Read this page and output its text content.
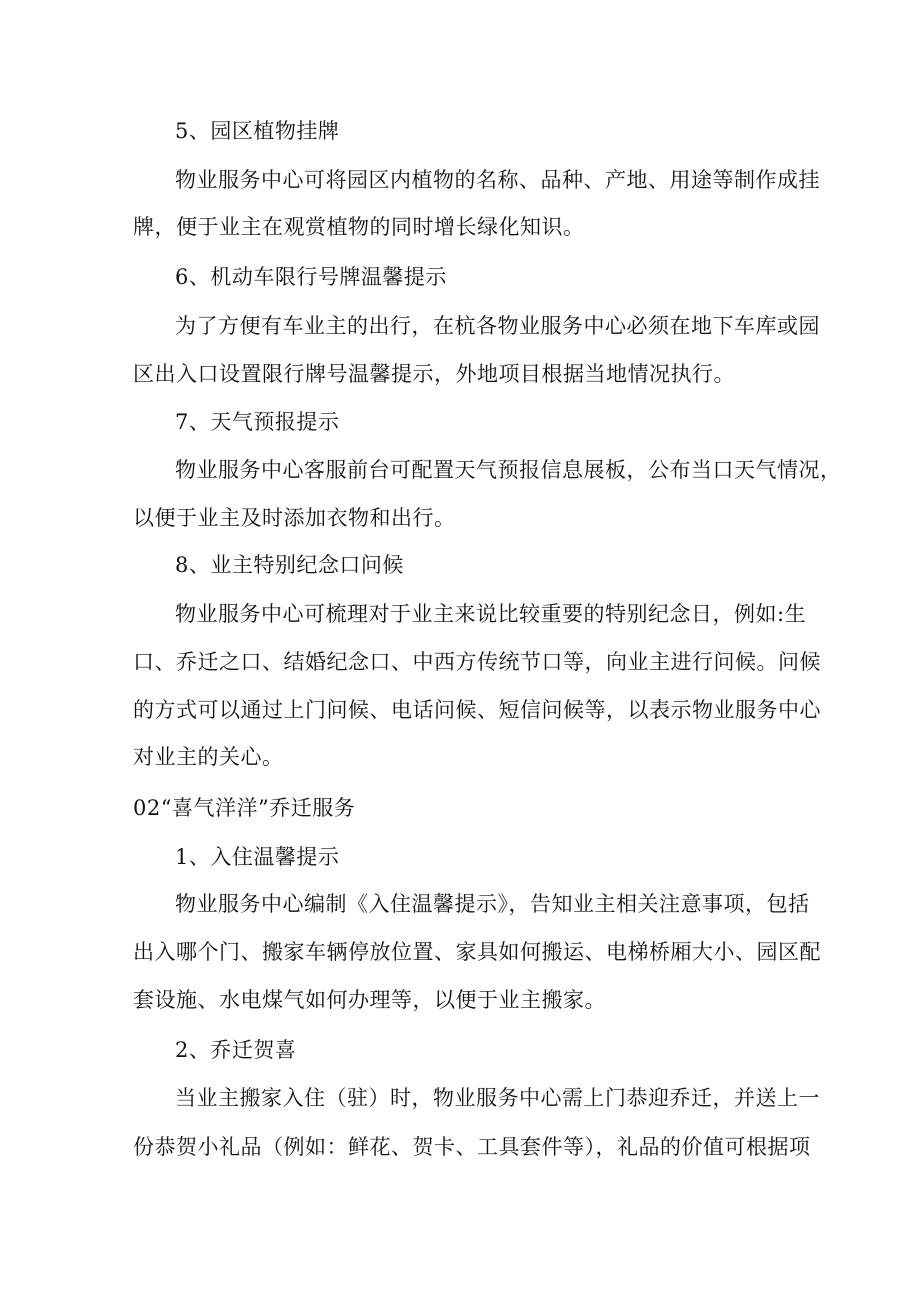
5、园区植物挂牌
物业服务中心可将园区内植物的名称、品种、产地、用途等制作成挂
牌，便于业主在观赏植物的同时增长绿化知识。
6、机动车限行号牌温馨提示
为了方便有车业主的出行，在杭各物业服务中心必须在地下车库或园
区出入口设置限行牌号温馨提示，外地项目根据当地情况执行。
7、天气预报提示
物业服务中心客服前台可配置天气预报信息展板，公布当口天气情况，
以便于业主及时添加衣物和出行。
8、业主特别纪念口问候
物业服务中心可梳理对于业主来说比较重要的特别纪念日，例如:生
口、乔迁之口、结婚纪念口、中西方传统节口等，向业主进行问候。问候
的方式可以通过上门问候、电话问候、短信问候等，以表示物业服务中心
对业主的关心。
02“喜气洋洋”乔迁服务
1、入住温馨提示
物业服务中心编制《入住温馨提示》，告知业主相关注意事项，包括
出入哪个门、搬家车辆停放位置、家具如何搬运、电梯桥厢大小、园区配
套设施、水电煤气如何办理等，以便于业主搬家。
2、乔迁贺喜
当业主搬家入住（驻）时，物业服务中心需上门恭迎乔迁，并送上一
份恭贺小礼品（例如：鲜花、贺卡、工具套件等），礼品的价值可根据项
